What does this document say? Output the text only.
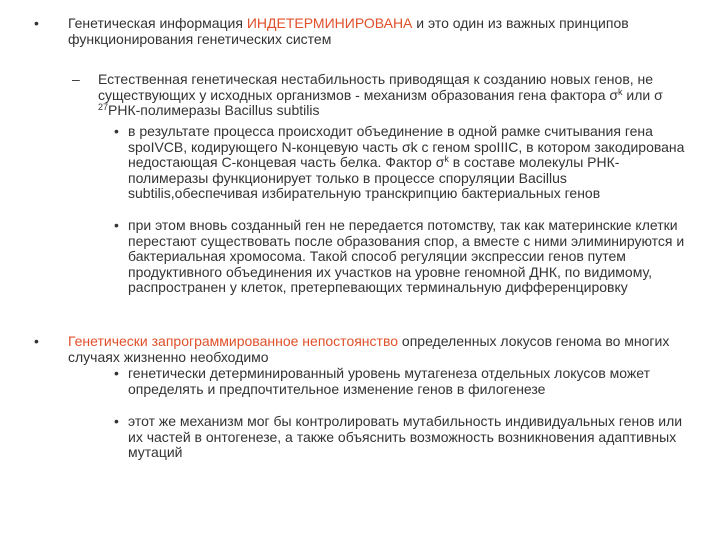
• Генетическая информация ИНДЕТЕРМИНИРОВАНА и это один из важных принципов функционирования генетических систем
– Естественная генетическая нестабильность приводящая к созданию новых генов, не существующих у исходных организмов - механизм образования гена фактора $\sigma^k$ или σ $^{27}$РНК-полимеразы Bacillus subtilis
• в результате процесса происходит объединение в одной рамке считывания гена spoIVCB, кодирующего N-концевую часть σk с геном spoIIIC, в котором закодирована недостающая С-концевая часть белка. Фактор $\sigma^k$ в составе молекулы РНК-полимеразы функционирует только в процессе споруляции Bacillus subtilis,обеспечивая избирательную транскрипцию бактериальных генов
• при этом вновь созданный ген не передается потомству, так как материнские клетки перестают существовать после образования спор, а вместе с ними элиминируются и бактериальная хромосома. Такой способ регуляции экспрессии генов путем продуктивного объединения их участков на уровне геномной ДНК, по видимому, распространен у клеток, претерпевающих терминальную дифференцировку
• Генетически запрограммированное непостоянство определенных локусов генома во многих случаях жизненно необходимо
• генетически детерминированный уровень мутагенеза отдельных локусов может определять и предпочтительное изменение генов в филогенезе
• этот же механизм мог бы контролировать мутабильность индивидуальных генов или их частей в онтогенезе, а также объяснить возможность возникновения адаптивных мутаций
